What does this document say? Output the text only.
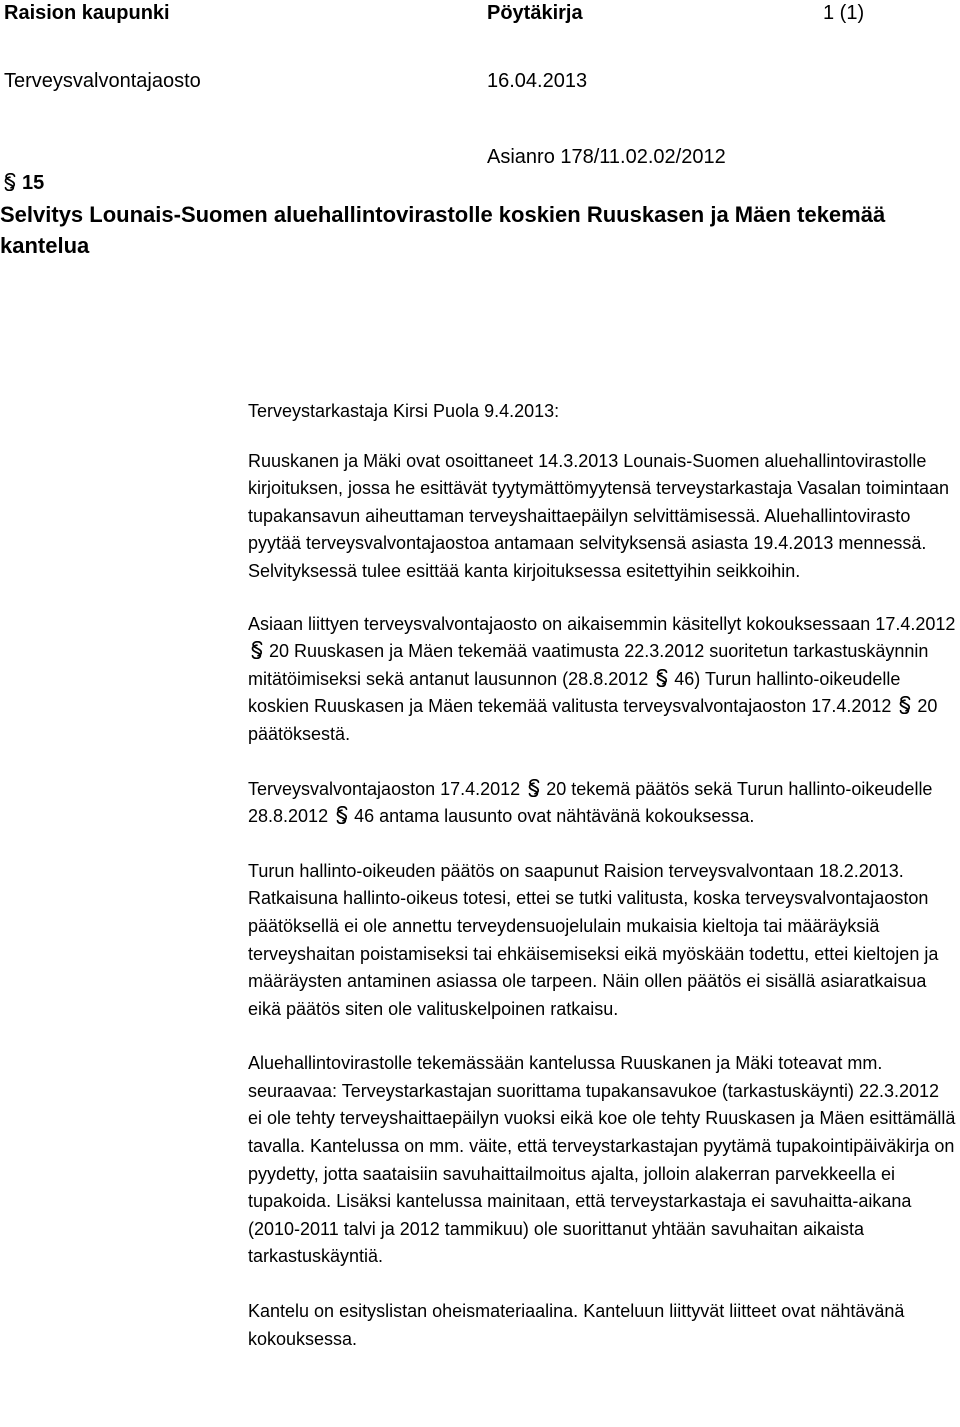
Raision kaupunki	Pöytäkirja	1 (1)
Terveysvalvontajaosto	16.04.2013
Asianro 178/11.02.02/2012
15
Selvitys Lounais-Suomen aluehallintovirastolle koskien Ruuskasen ja Mäen tekemää kantelua

Terveystarkastaja Kirsi Puola 9.4.2013:

Ruuskanen ja Mäki ovat osoittaneet 14.3.2013 Lounais-Suomen aluehallintovirastolle kirjoituksen, jossa he esittävät tyytymättömyytensä terveystarkastaja Vasalan toimintaan tupakansavun aiheuttaman terveyshaittaepäilyn selvittämisessä. Aluehallintovirasto pyytää terveysvalvontajaostoa antamaan selvityksensä asiasta 19.4.2013 mennessä. Selvityksessä tulee esittää kanta kirjoituksessa esitettyihin seikkoihin.

Asiaan liittyen terveysvalvontajaosto on aikaisemmin käsitellyt kokouksessaan 17.4.2012
20 Ruuskasen ja Mäen tekemää vaatimusta 22.3.2012 suoritetun tarkastuskäynnin mitätöimiseksi sekä antanut lausunnon (28.8.2012 46) Turun hallinto-oikeudelle koskien Ruuskasen ja Mäen tekemää valitusta terveysvalvontajaoston 17.4.2012 20 päätöksestä.

Terveysvalvontajaoston 17.4.2012 20 tekemä päätös sekä Turun hallinto-oikeudelle 28.8.2012 46 antama lausunto ovat nähtävänä kokouksessa.

Turun hallinto-oikeuden päätös on saapunut Raision terveysvalvontaan 18.2.2013. Ratkaisuna hallinto-oikeus totesi, ettei se tutki valitusta, koska terveysvalvontajaoston päätöksellä ei ole annettu terveydensuojelulain mukaisia kieltoja tai määräyksiä terveyshaitan poistamiseksi tai ehkäisemiseksi eikä myöskään todettu, ettei kieltojen ja määräysten antaminen asiassa ole tarpeen. Näin ollen päätös ei sisällä asiaratkaisua eikä päätös siten ole valituskelpoinen ratkaisu.

Aluehallintovirastolle tekemässään kantelussa Ruuskanen ja Mäki toteavat mm. seuraavaa: Terveystarkastajan suorittama tupakansavukoe (tarkastuskäynti) 22.3.2012 ei ole tehty terveyshaittaepäilyn vuoksi eikä koe ole tehty Ruuskasen ja Mäen esittämällä tavalla. Kantelussa on mm. väite, että terveystarkastajan pyytämä tupakointipäiväkirja on pyydetty, jotta saataisiin savuhaittailmoitus ajalta, jolloin alakerran parvekkeella ei tupakoida. Lisäksi kantelussa mainitaan, että terveystarkastaja ei savuhaitta-aikana (2010-2011 talvi ja 2012 tammikuu) ole suorittanut yhtään savuhaitan aikaista tarkastuskäyntiä.

Kantelu on esityslistan oheismateriaalina. Kanteluun liittyvät liitteet ovat nähtävänä kokouksessa.
